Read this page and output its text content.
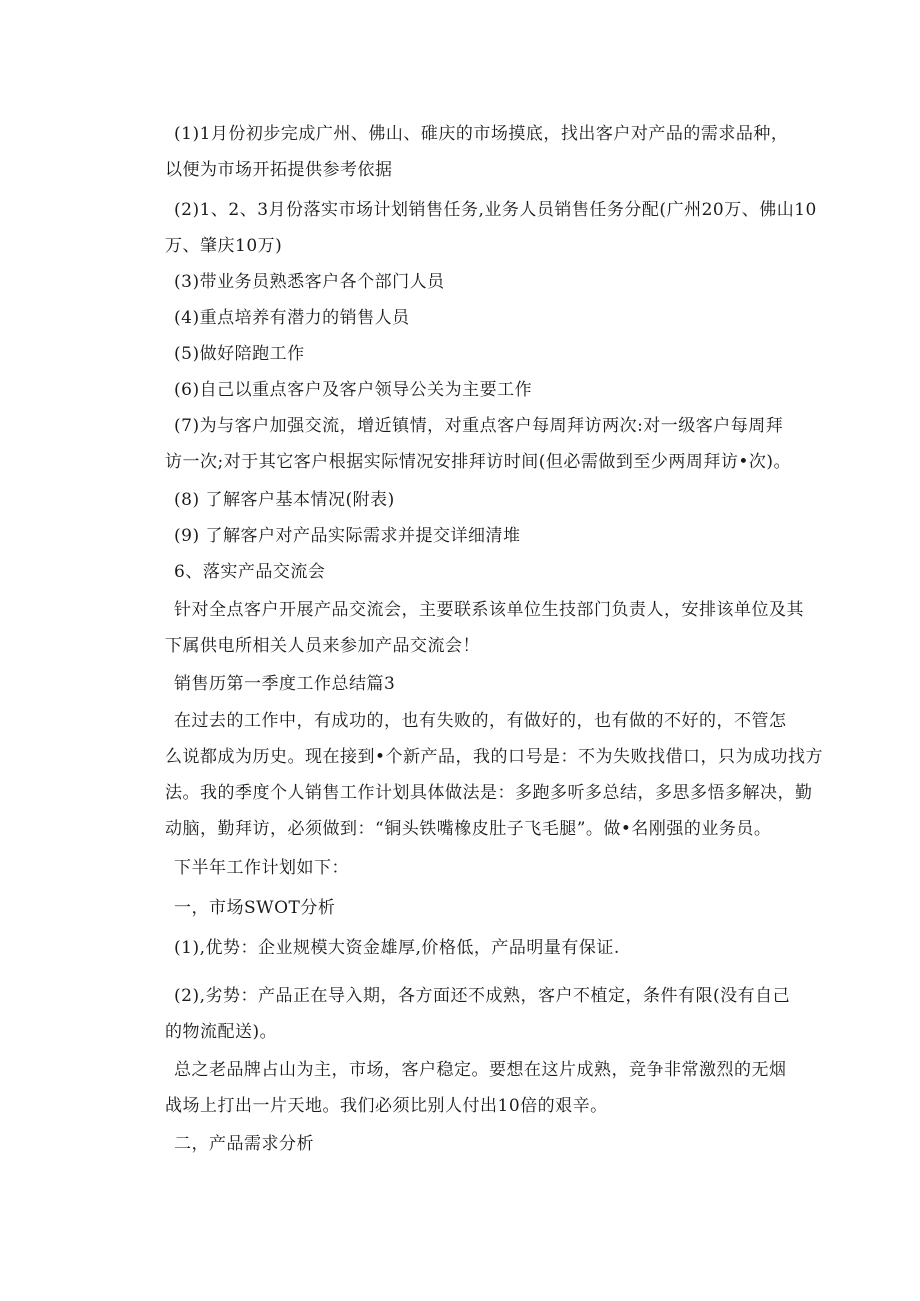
(1)1月份初步完成广州、佛山、碓庆的市场摸底，找出客户对产品的需求品种，
以便为市场开拓提供参考依据
(2)1、2、3月份落实市场计划销售任务,业务人员销售任务分配(广州20万、佛山10
万、肇庆10万)
(3)带业务员熟悉客户各个部门人员
(4)重点培养有潜力的销售人员
(5)做好陪跑工作
(6)自己以重点客户及客户领导公关为主要工作
(7)为与客户加强交流，增近镇情，对重点客户每周拜访两次:对一级客户每周拜
访一次;对于其它客户根据实际情况安排拜访时间(但必需做到至少两周拜访•次)。
(8) 了解客户基本情况(附表)
(9) 了解客户对产品实际需求并提交详细清堆
6、落实产品交流会
针对全点客户开展产品交流会，主要联系该单位生技部门负责人，安排该单位及其
下属供电所相关人员来参加产品交流会！
销售历第一季度工作总结篇3
在过去的工作中，有成功的，也有失败的，有做好的，也有做的不好的，不管怎
么说都成为历史。现在接到•个新产品，我的口号是：不为失败找借口，只为成功找方
法。我的季度个人销售工作计划具体做法是：多跑多听多总结，多思多悟多解决，勤
动脑，勤拜访，必须做到：“铜头铁嘴橡皮肚子飞毛腿”。做•名刚强的业务员。
下半年工作计划如下：
一，市场SWOT分析
(1),优势：企业规模大资金雄厚,价格低，产品明量有保证.
(2),劣势：产品正在导入期，各方面还不成熟，客户不植定，条件有限(没有自己
的物流配送)。
总之老品牌占山为主，市场，客户稳定。要想在这片成熟，竞争非常激烈的无烟
战场上打出一片天地。我们必须比别人付出10倍的艰辛。
二，产品需求分析
